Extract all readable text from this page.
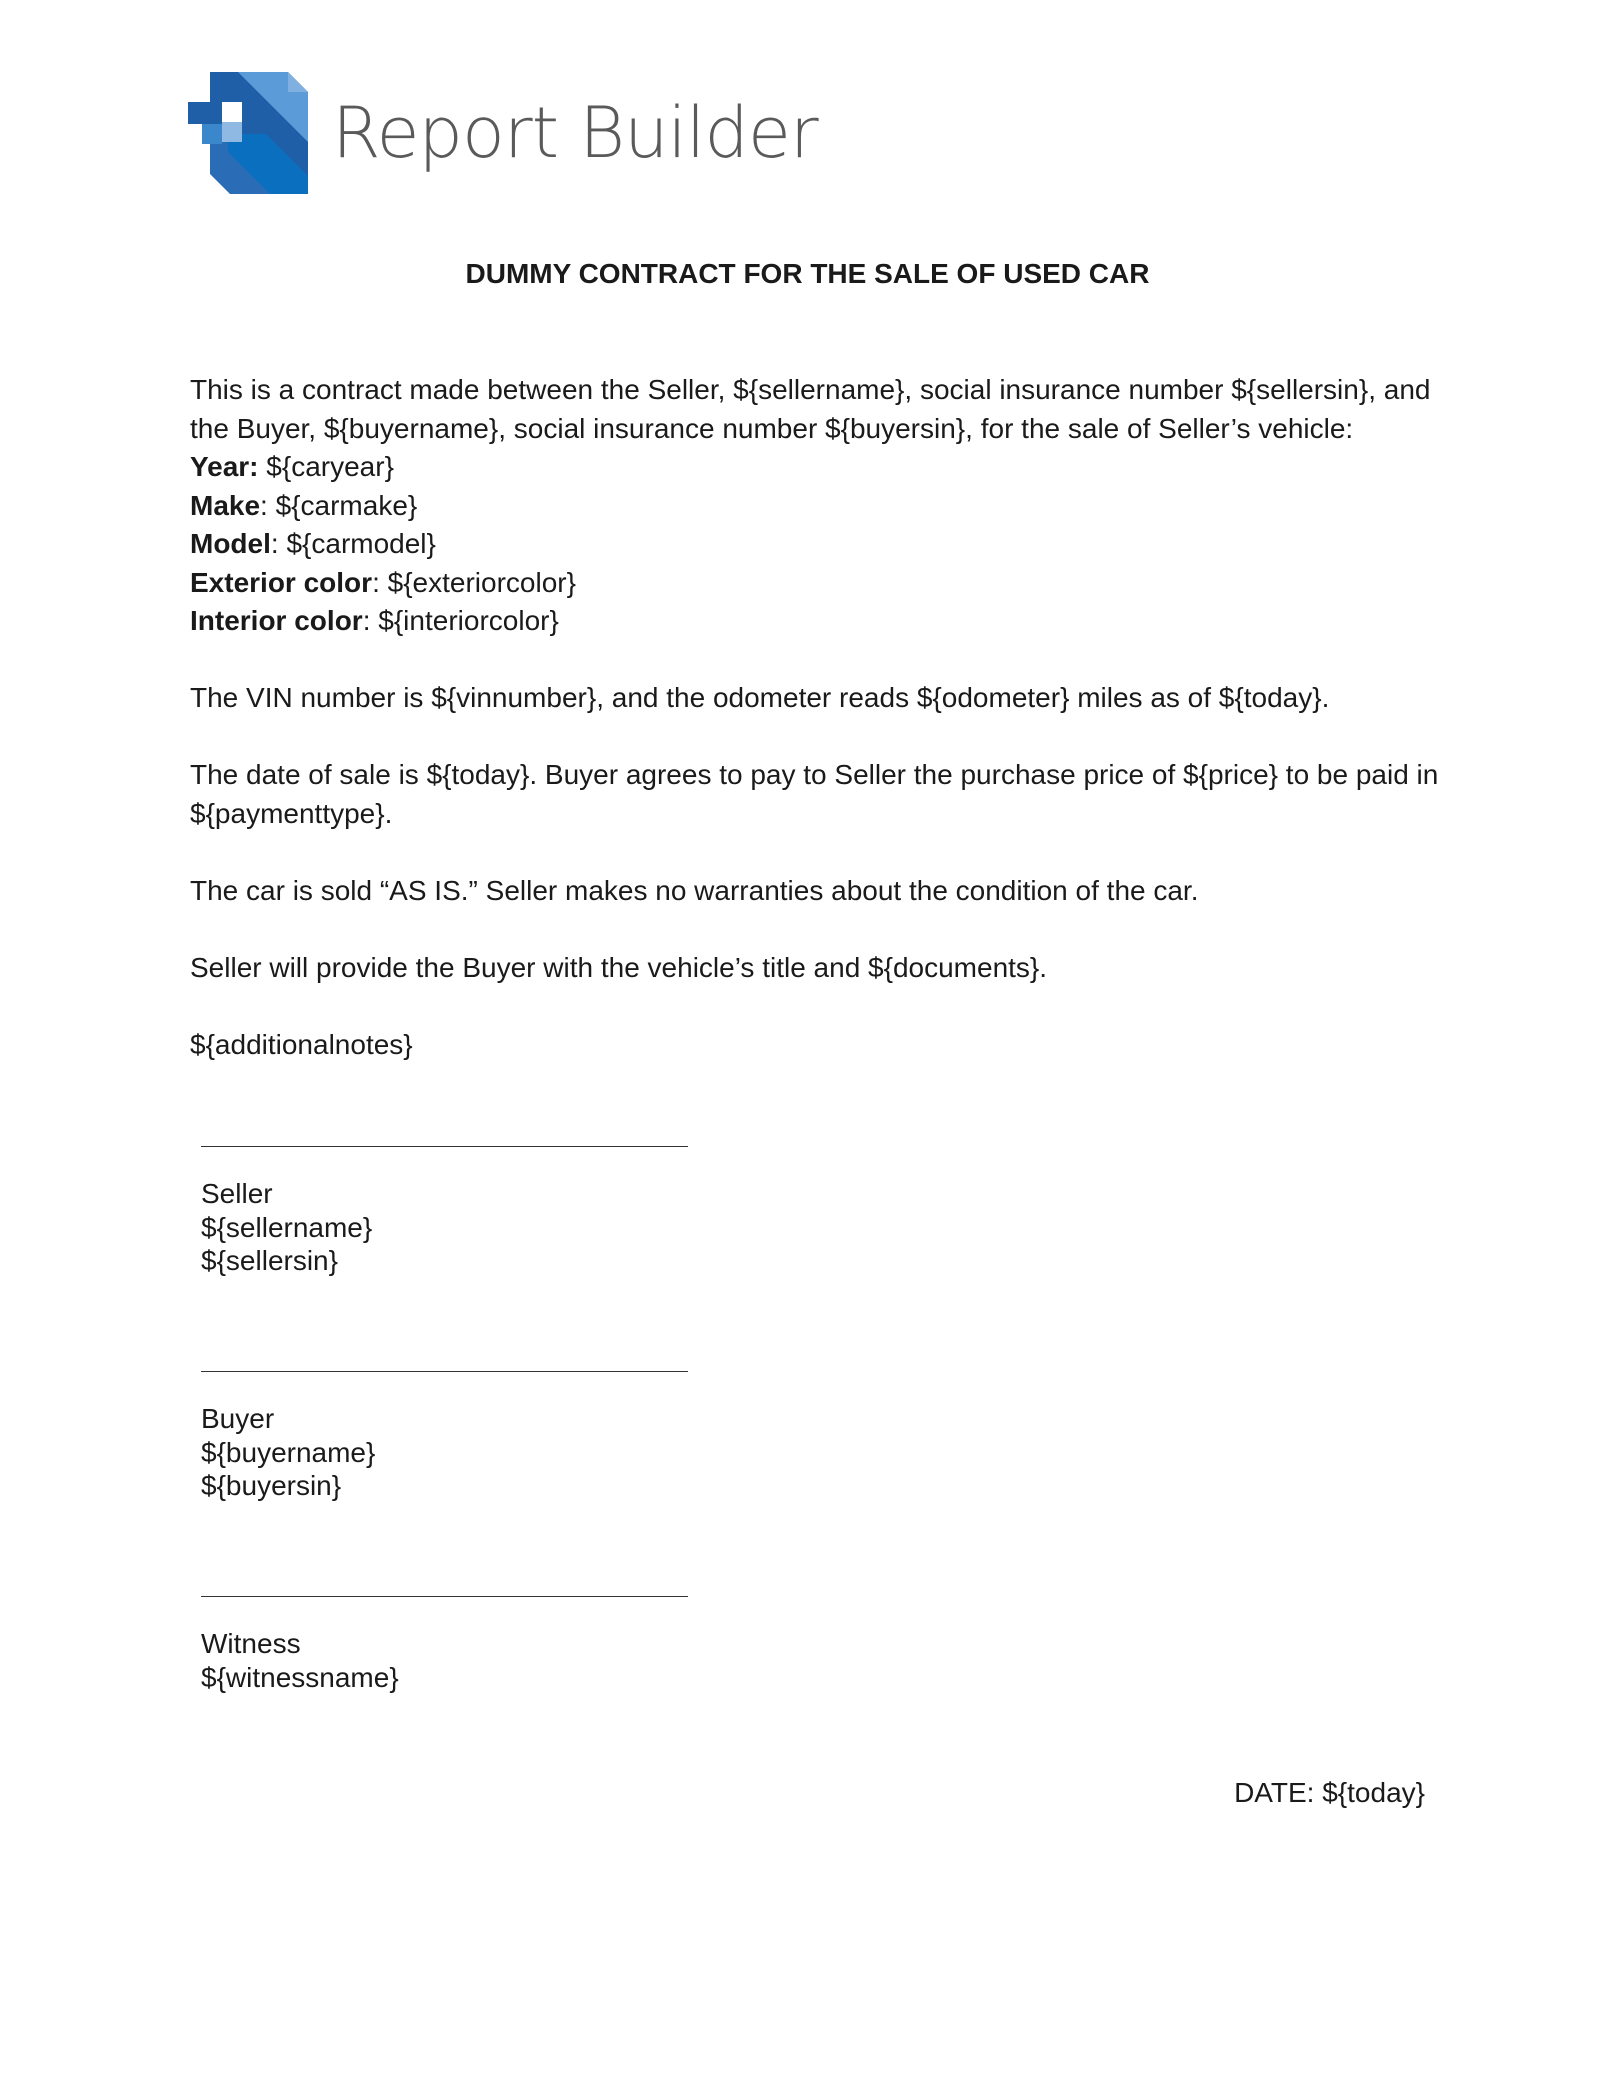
Report Builder
DUMMY CONTRACT FOR THE SALE OF USED CAR

This is a contract made between the Seller, ${sellername}, social insurance number ${sellersin}, and the Buyer, ${buyername}, social insurance number ${buyersin}, for the sale of Seller’s vehicle:

Year: ${caryear}

Make: ${carmake}

Model: ${carmodel}

Exterior color: ${exteriorcolor}

Interior color: ${interiorcolor}

The VIN number is ${vinnumber}, and the odometer reads ${odometer} miles as of ${today}.

The date of sale is ${today}. Buyer agrees to pay to Seller the purchase price of ${price} to be paid in ${paymenttype}.

The car is sold “AS IS.” Seller makes no warranties about the condition of the car.

Seller will provide the Buyer with the vehicle’s title and ${documents}.

${additionalnotes}

Seller
${sellername}
${sellersin}
Buyer
${buyername}
${buyersin}
Witness
${witnessname}
DATE: ${today}
